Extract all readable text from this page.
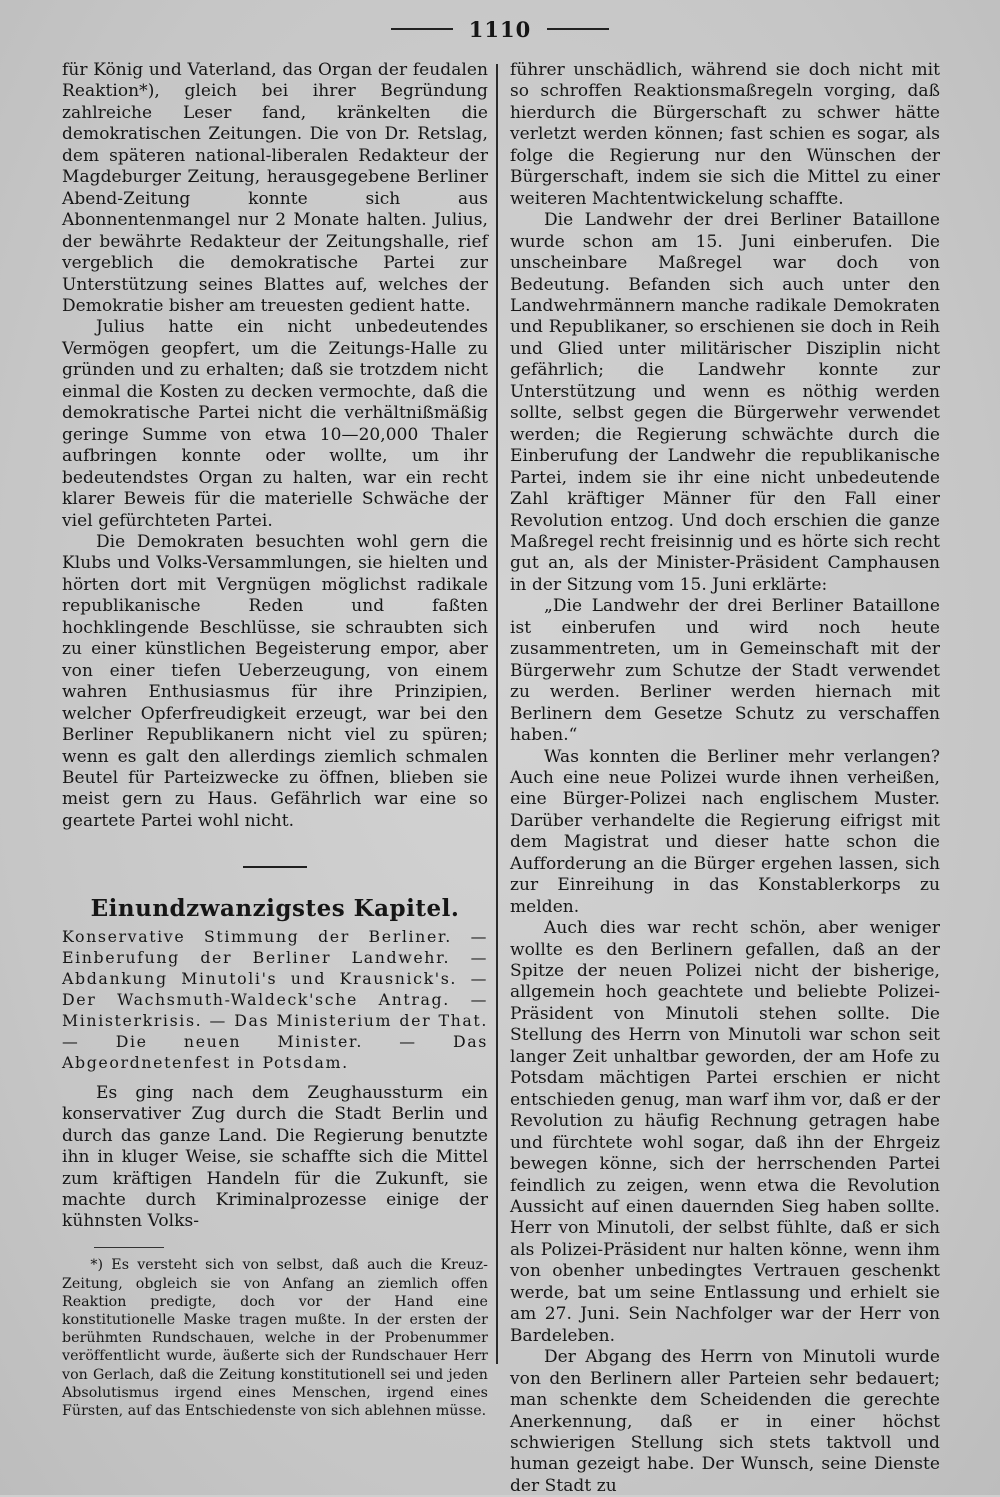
1110

für König und Vaterland, das Organ der feudalen Reaktion*), gleich bei ihrer Begründung zahlreiche Leser fand, kränkelten die demokratischen Zeitungen. Die von Dr. Retslag, dem späteren national-liberalen Redakteur der Magdeburger Zeitung, herausgegebene Berliner Abend-Zeitung konnte sich aus Abonnentenmangel nur 2 Monate halten. Julius, der bewährte Redakteur der Zeitungshalle, rief vergeblich die demokratische Partei zur Unterstützung seines Blattes auf, welches der Demokratie bisher am treuesten gedient hatte.

Julius hatte ein nicht unbedeutendes Vermögen geopfert, um die Zeitungs-Halle zu gründen und zu erhalten; daß sie trotzdem nicht einmal die Kosten zu decken vermochte, daß die demokratische Partei nicht die verhältnißmäßig geringe Summe von etwa 10—20,000 Thaler aufbringen konnte oder wollte, um ihr bedeutendstes Organ zu halten, war ein recht klarer Beweis für die materielle Schwäche der viel gefürchteten Partei.

Die Demokraten besuchten wohl gern die Klubs und Volks-Versammlungen, sie hielten und hörten dort mit Vergnügen möglichst radikale republikanische Reden und faßten hochklingende Beschlüsse, sie schraubten sich zu einer künstlichen Begeisterung empor, aber von einer tiefen Ueberzeugung, von einem wahren Enthusiasmus für ihre Prinzipien, welcher Opferfreudigkeit erzeugt, war bei den Berliner Republikanern nicht viel zu spüren; wenn es galt den allerdings ziemlich schmalen Beutel für Parteizwecke zu öffnen, blieben sie meist gern zu Haus. Gefährlich war eine so geartete Partei wohl nicht.

Einundzwanzigstes Kapitel.

Konservative Stimmung der Berliner. — Einberufung der Berliner Landwehr. — Abdankung Minutoli's und Krausnick's. — Der Wachsmuth-Waldeck'sche Antrag. — Ministerkrisis. — Das Ministerium der That. — Die neuen Minister. — Das Abgeordnetenfest in Potsdam.

Es ging nach dem Zeughaussturm ein konservativer Zug durch die Stadt Berlin und durch das ganze Land. Die Regierung benutzte ihn in kluger Weise, sie schaffte sich die Mittel zum kräftigen Handeln für die Zukunft, sie machte durch Kriminalprozesse einige der kühnsten Volks-

*) Es versteht sich von selbst, daß auch die Kreuz-Zeitung, obgleich sie von Anfang an ziemlich offen Reaktion predigte, doch vor der Hand eine konstitutionelle Maske tragen mußte. In der ersten der berühmten Rundschauen, welche in der Probenummer veröffentlicht wurde, äußerte sich der Rundschauer Herr von Gerlach, daß die Zeitung konstitutionell sei und jeden Absolutismus irgend eines Menschen, irgend eines Fürsten, auf das Entschiedenste von sich ablehnen müsse.

führer unschädlich, während sie doch nicht mit so schroffen Reaktionsmaßregeln vorging, daß hierdurch die Bürgerschaft zu schwer hätte verletzt werden können; fast schien es sogar, als folge die Regierung nur den Wünschen der Bürgerschaft, indem sie sich die Mittel zu einer weiteren Machtentwickelung schaffte.

Die Landwehr der drei Berliner Bataillone wurde schon am 15. Juni einberufen. Die unscheinbare Maßregel war doch von Bedeutung. Befanden sich auch unter den Landwehrmännern manche radikale Demokraten und Republikaner, so erschienen sie doch in Reih und Glied unter militärischer Disziplin nicht gefährlich; die Landwehr konnte zur Unterstützung und wenn es nöthig werden sollte, selbst gegen die Bürgerwehr verwendet werden; die Regierung schwächte durch die Einberufung der Landwehr die republikanische Partei, indem sie ihr eine nicht unbedeutende Zahl kräftiger Männer für den Fall einer Revolution entzog. Und doch erschien die ganze Maßregel recht freisinnig und es hörte sich recht gut an, als der Minister-Präsident Camphausen in der Sitzung vom 15. Juni erklärte:

„Die Landwehr der drei Berliner Bataillone ist einberufen und wird noch heute zusammentreten, um in Gemeinschaft mit der Bürgerwehr zum Schutze der Stadt verwendet zu werden. Berliner werden hiernach mit Berlinern dem Gesetze Schutz zu verschaffen haben.“

Was konnten die Berliner mehr verlangen? Auch eine neue Polizei wurde ihnen verheißen, eine Bürger-Polizei nach englischem Muster. Darüber verhandelte die Regierung eifrigst mit dem Magistrat und dieser hatte schon die Aufforderung an die Bürger ergehen lassen, sich zur Einreihung in das Konstablerkorps zu melden.

Auch dies war recht schön, aber weniger wollte es den Berlinern gefallen, daß an der Spitze der neuen Polizei nicht der bisherige, allgemein hoch geachtete und beliebte Polizei-Präsident von Minutoli stehen sollte. Die Stellung des Herrn von Minutoli war schon seit langer Zeit unhaltbar geworden, der am Hofe zu Potsdam mächtigen Partei erschien er nicht entschieden genug, man warf ihm vor, daß er der Revolution zu häufig Rechnung getragen habe und fürchtete wohl sogar, daß ihn der Ehrgeiz bewegen könne, sich der herrschenden Partei feindlich zu zeigen, wenn etwa die Revolution Aussicht auf einen dauernden Sieg haben sollte. Herr von Minutoli, der selbst fühlte, daß er sich als Polizei-Präsident nur halten könne, wenn ihm von obenher unbedingtes Vertrauen geschenkt werde, bat um seine Entlassung und erhielt sie am 27. Juni. Sein Nachfolger war der Herr von Bardeleben.

Der Abgang des Herrn von Minutoli wurde von den Berlinern aller Parteien sehr bedauert; man schenkte dem Scheidenden die gerechte Anerkennung, daß er in einer höchst schwierigen Stellung sich stets taktvoll und human gezeigt habe. Der Wunsch, seine Dienste der Stadt zu
